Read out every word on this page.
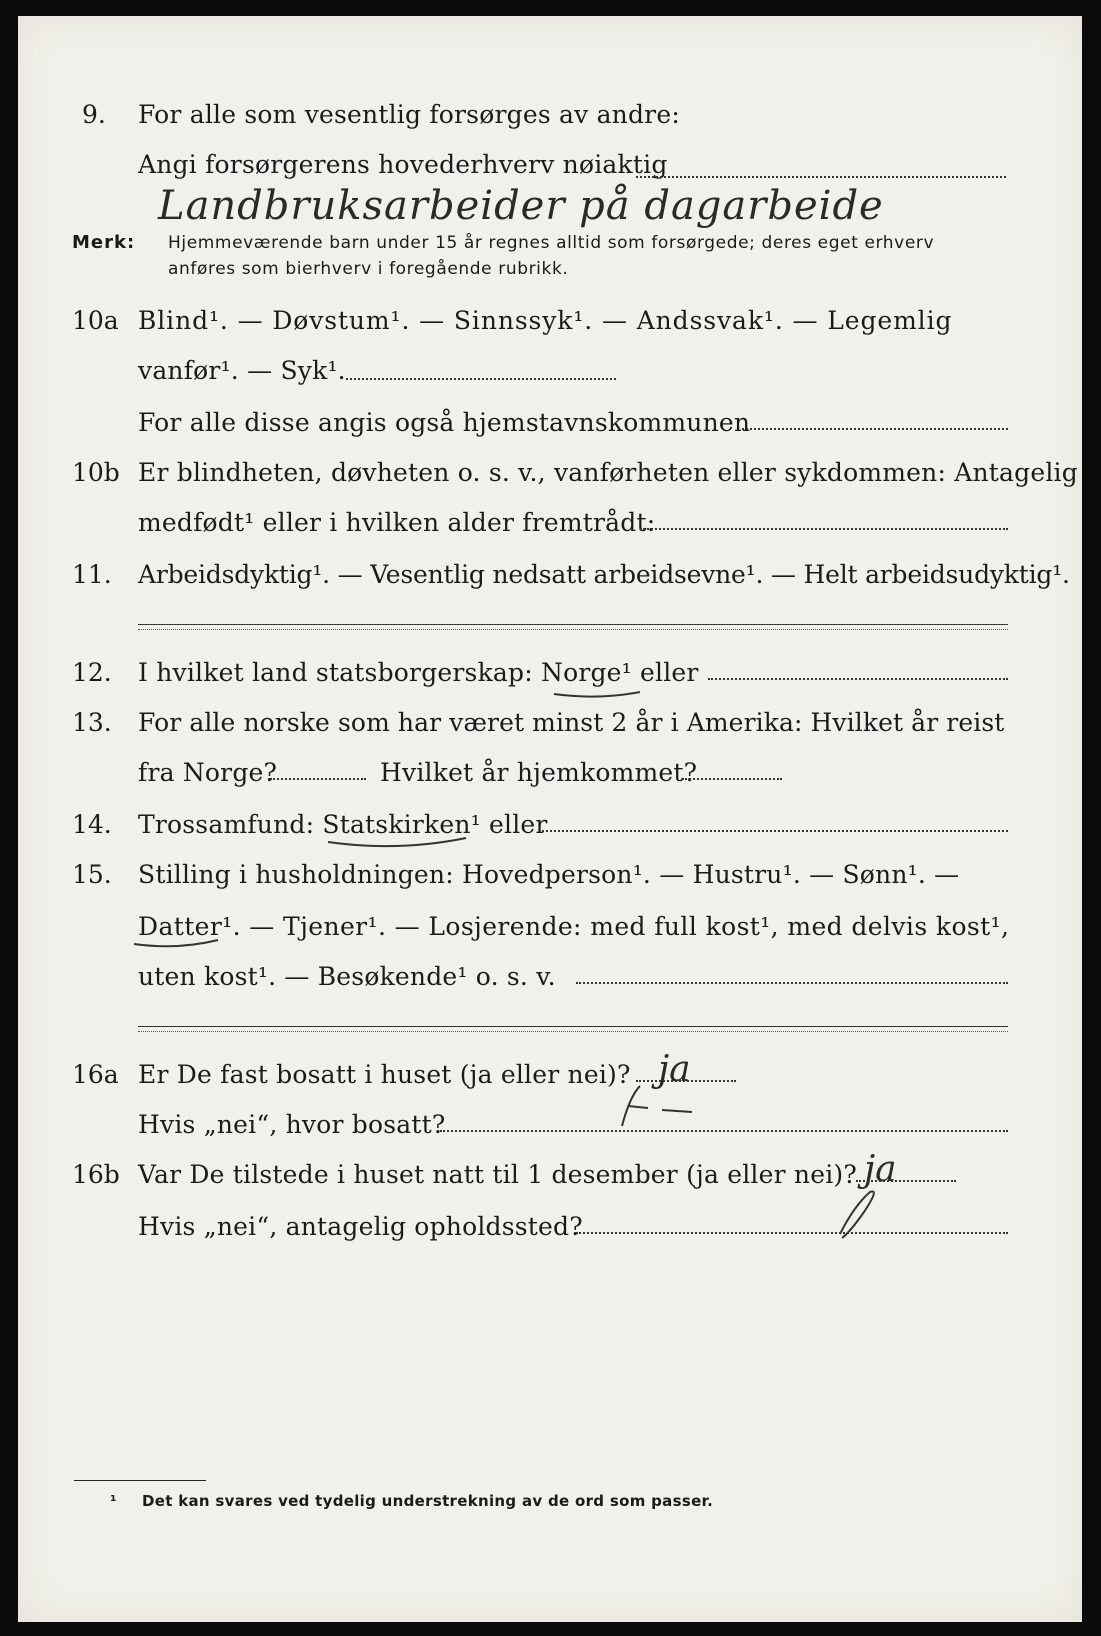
9. For alle som vesentlig forsørges av andre:
Angi forsørgerens hovederhverv nøiaktig
Landbruksarbeider på dagarbeide
Merk: Hjemmeværende barn under 15 år regnes alltid som forsørgede; deres eget erhverv
anføres som bierhverv i foregående rubrikk.
10a Blind¹. — Døvstum¹. — Sinnssyk¹. — Andssvak¹. — Legemlig
vanfør¹. — Syk¹.
For alle disse angis også hjemstavnskommunen
10b Er blindheten, døvheten o. s. v., vanførheten eller sykdommen: Antagelig
medfødt¹ eller i hvilken alder fremtrådt:
11. Arbeidsdyktig¹. — Vesentlig nedsatt arbeidsevne¹. — Helt arbeidsudyktig¹.
12. I hvilket land statsborgerskap: Norge¹ eller
13. For alle norske som har været minst 2 år i Amerika: Hvilket år reist
fra Norge?	Hvilket år hjemkommet?
14. Trossamfund: Statskirken¹ eller
15. Stilling i husholdningen: Hovedperson¹. — Hustru¹. — Sønn¹. —
Datter¹. — Tjener¹. — Losjerende: med full kost¹, med delvis kost¹,
uten kost¹. — Besøkende¹ o. s. v.
16a Er De fast bosatt i huset (ja eller nei)? ja
Hvis „nei“, hvor bosatt?
16b Var De tilstede i huset natt til 1 desember (ja eller nei)? ja
Hvis „nei“, antagelig opholdssted?
¹ Det kan svares ved tydelig understrekning av de ord som passer.
